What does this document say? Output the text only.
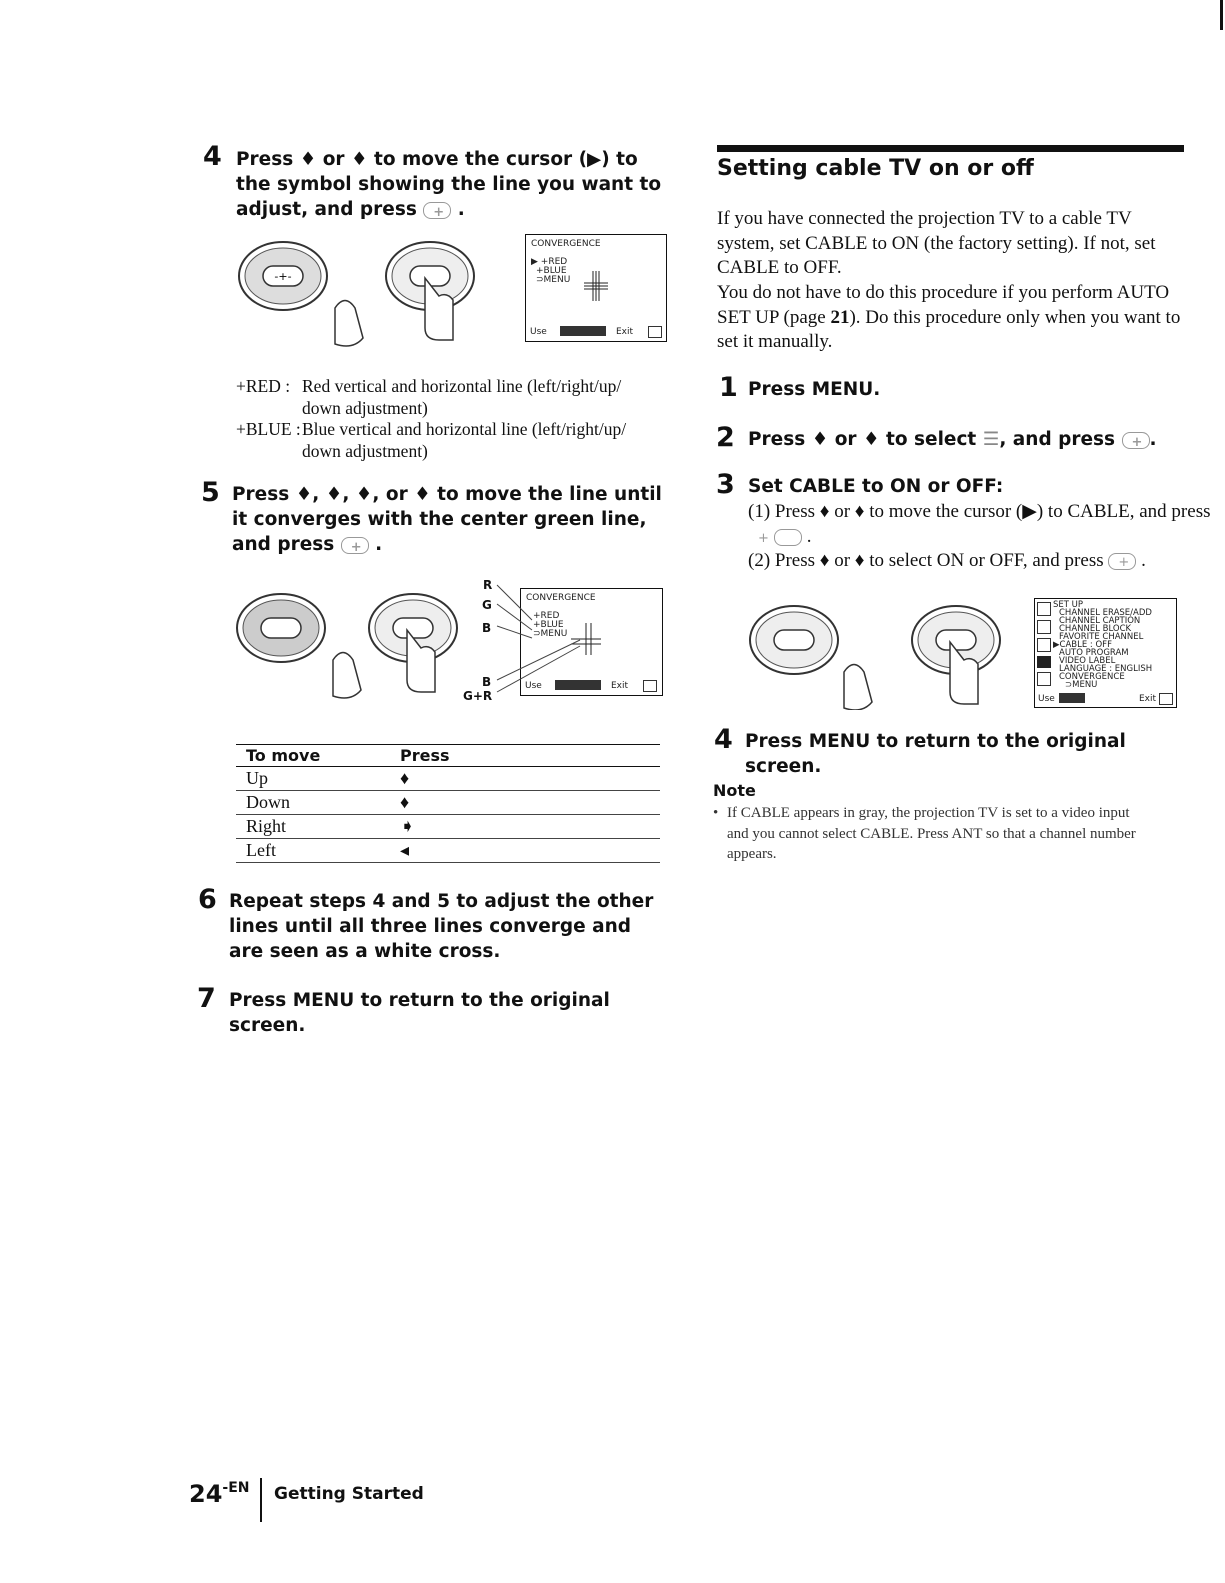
4 Press ♦ or ♦ to move the cursor (▶) to the symbol showing the line you want to adjust, and press + .
-+-
CONVERGENCE
▶ +RED
+BLUE
⊃MENU
Use	Exit
+RED : Red vertical and horizontal line (left/right/up/ down adjustment)
+BLUE : Blue vertical and horizontal line (left/right/up/ down adjustment)
5 Press ♦, ♦, ♦, or ♦ to move the line until it converges with the center green line, and press + .
R
G
B
B
G+R
CONVERGENCE
+RED
+BLUE
⊃MENU
Use	Exit
To move	Press
Up	♦
Down	♦
Right	➧
Left	◂
6 Repeat steps 4 and 5 to adjust the other lines until all three lines converge and are seen as a white cross.
7 Press MENU to return to the original screen.
Setting cable TV on or off
If you have connected the projection TV to a cable TV system, set CABLE to ON (the factory setting). If not, set CABLE to OFF.
You do not have to do this procedure if you perform AUTO SET UP (page 21). Do this procedure only when you want to set it manually.
1 Press MENU.
2 Press ♦ or ♦ to select ☰, and press + .
3 Set CABLE to ON or OFF:
(1) Press ♦ or ♦ to move the cursor (▶) to CABLE, and press + .
(2) Press ♦ or ♦ to select ON or OFF, and press + .
SET UP
CHANNEL ERASE/ADD
CHANNEL CAPTION
CHANNEL BLOCK
FAVORITE CHANNEL
▶CABLE : OFF
AUTO PROGRAM
VIDEO LABEL
LANGUAGE : ENGLISH
CONVERGENCE
⊃MENU
Use	Exit
4 Press MENU to return to the original screen.
Note
• If CABLE appears in gray, the projection TV is set to a video input and you cannot select CABLE. Press ANT so that a channel number appears.
$24^{-EN}$ Getting Started
